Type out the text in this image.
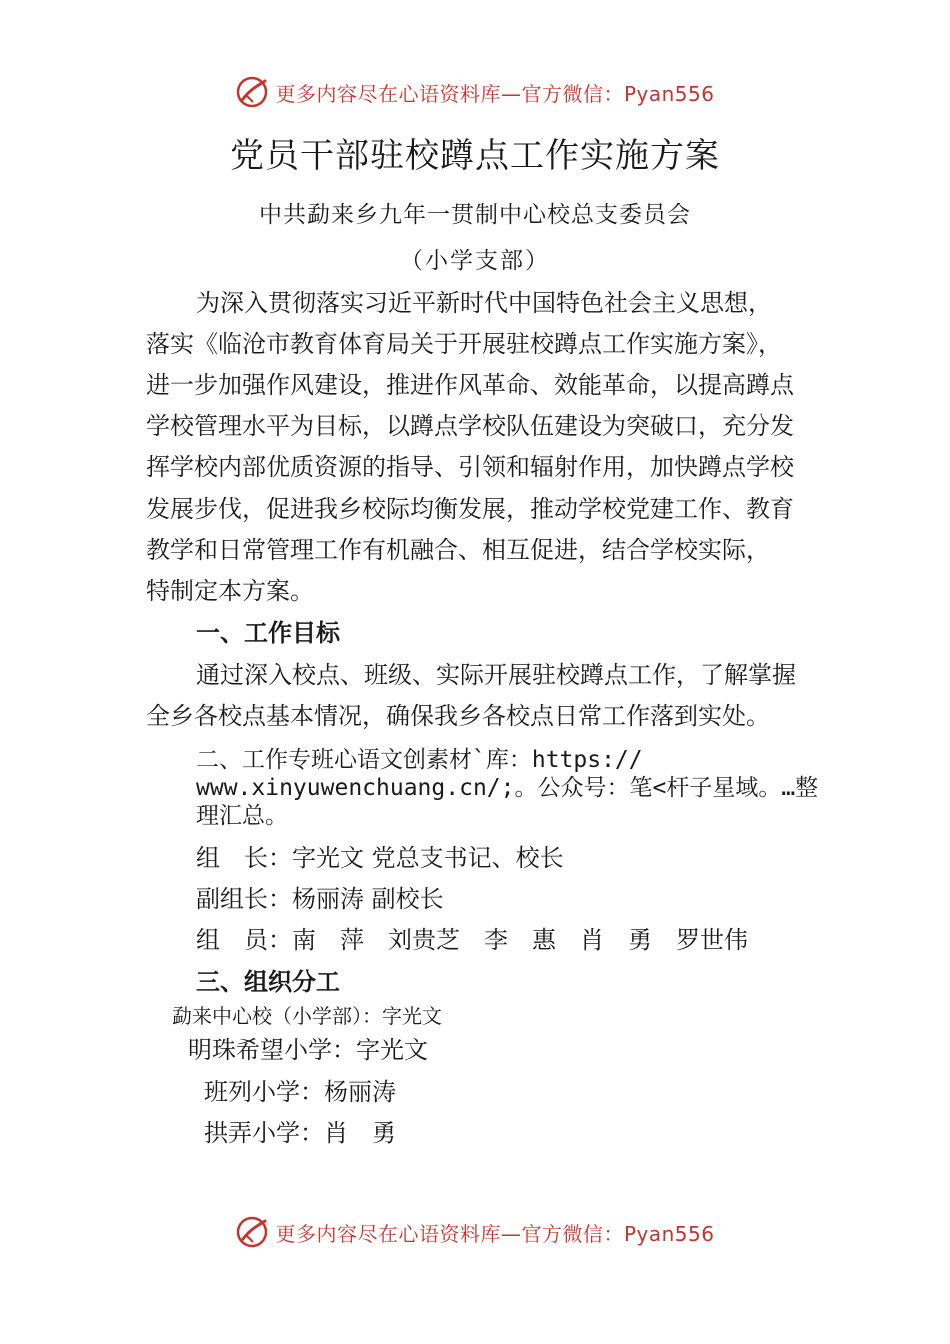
更多内容尽在心语资料库—官方微信：Pyan556
党员干部驻校蹲点工作实施方案

中共勐来乡九年一贯制中心校总支委员会

（小学支部）

为深入贯彻落实习近平新时代中国特色社会主义思想，

落实《临沧市教育体育局关于开展驻校蹲点工作实施方案》，

进一步加强作风建设，推进作风革命、效能革命，以提高蹲点

学校管理水平为目标，以蹲点学校队伍建设为突破口，充分发

挥学校内部优质资源的指导、引领和辐射作用，加快蹲点学校

发展步伐，促进我乡校际均衡发展，推动学校党建工作、教育

教学和日常管理工作有机融合、相互促进，结合学校实际，

特制定本方案。

一、工作目标

通过深入校点、班级、实际开展驻校蹲点工作，了解掌握

全乡各校点基本情况，确保我乡各校点日常工作落到实处。

二、工作专班心语文创素材`库：https://

www.xinyuwenchuang.cn/;。公众号：笔<杆子星域。…整

理汇总。

组　长：字光文 党总支书记、校长

副组长：杨丽涛 副校长

组　员：南　萍　刘贵芝　李　惠　肖　勇　罗世伟

三、组织分工

勐来中心校（小学部）：字光文

明珠希望小学：字光文

班列小学：杨丽涛

拱弄小学：肖　勇

更多内容尽在心语资料库—官方微信：Pyan556
